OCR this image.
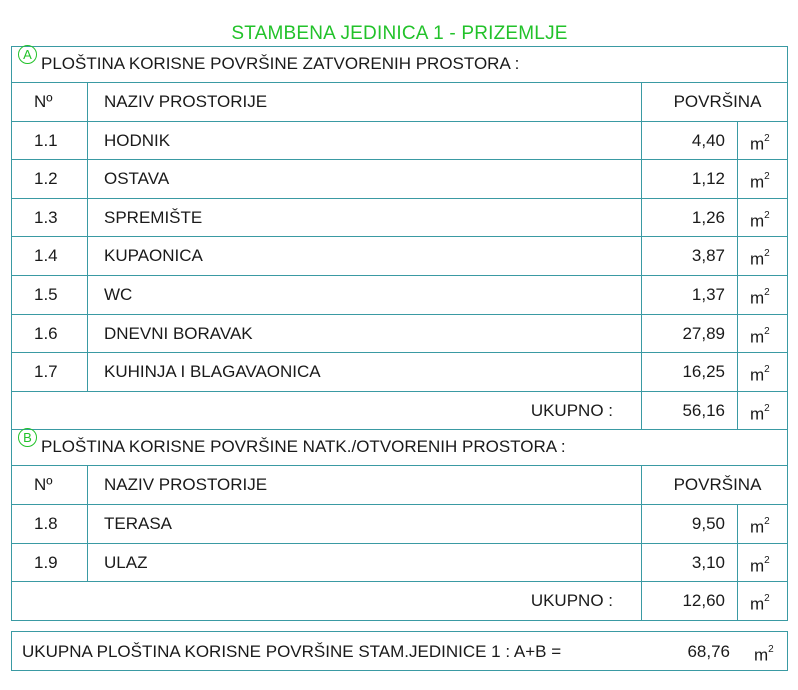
STAMBENA JEDINICA 1 - PRIZEMLJE
A PLOŠTINA KORISNE POVRŠINE ZATVORENIH PROSTORA :
Nº	NAZIV PROSTORIJE	POVRŠINA
1.1	HODNIK	4,40	$m^2$
1.2	OSTAVA	1,12	$m^2$
1.3	SPREMIŠTE	1,26	$m^2$
1.4	KUPAONICA	3,87	$m^2$
1.5	WC	1,37	$m^2$
1.6	DNEVNI BORAVAK	27,89	$m^2$
1.7	KUHINJA I BLAGAVAONICA	16,25	$m^2$
UKUPNO :	56,16	$m^2$
B PLOŠTINA KORISNE POVRŠINE NATK./OTVORENIH PROSTORA :
Nº	NAZIV PROSTORIJE	POVRŠINA
1.8	TERASA	9,50	$m^2$
1.9	ULAZ	3,10	$m^2$
UKUPNO :	12,60	$m^2$
UKUPNA PLOŠTINA KORISNE POVRŠINE STAM.JEDINICE 1 : A+B =	68,76	$m^2$
